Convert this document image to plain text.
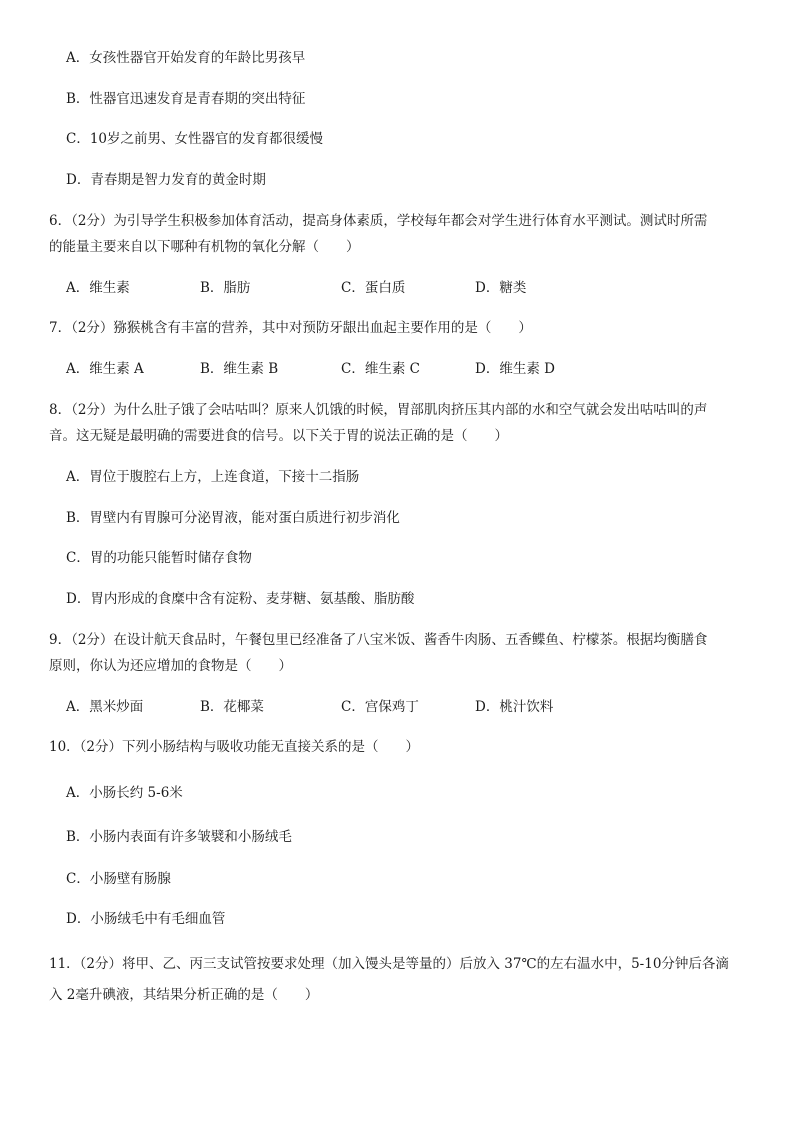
A．女孩性器官开始发育的年龄比男孩早
B．性器官迅速发育是青春期的突出特征
C．10岁之前男、女性器官的发育都很缓慢
D．青春期是智力发育的黄金时期
6．（2分）为引导学生积极参加体育活动，提高身体素质，学校每年都会对学生进行体育水平测试。测试时所需
的能量主要来自以下哪种有机物的氧化分解（　　）
A．维生素	B．脂肪	C．蛋白质	D．糖类
7．（2分）猕猴桃含有丰富的营养，其中对预防牙龈出血起主要作用的是（　　）
A．维生素 A	B．维生素 B	C．维生素 C	D．维生素 D
8．（2分）为什么肚子饿了会咕咕叫？原来人饥饿的时候，胃部肌肉挤压其内部的水和空气就会发出咕咕叫的声
音。这无疑是最明确的需要进食的信号。以下关于胃的说法正确的是（　　）
A．胃位于腹腔右上方，上连食道，下接十二指肠
B．胃壁内有胃腺可分泌胃液，能对蛋白质进行初步消化
C．胃的功能只能暂时储存食物
D．胃内形成的食糜中含有淀粉、麦芽糖、氨基酸、脂肪酸
9．（2分）在设计航天食品时，午餐包里已经准备了八宝米饭、酱香牛肉肠、五香鲽鱼、柠檬茶。根据均衡膳食
原则，你认为还应增加的食物是（　　）
A．黑米炒面	B．花椰菜	C．宫保鸡丁	D．桃汁饮料
10．（2分）下列小肠结构与吸收功能无直接关系的是（　　）
A．小肠长约 5-6米
B．小肠内表面有许多皱襞和小肠绒毛
C．小肠壁有肠腺
D．小肠绒毛中有毛细血管
11．（2分）将甲、乙、丙三支试管按要求处理（加入馒头是等量的）后放入 37℃的左右温水中，5-10分钟后各滴
入 2毫升碘液，其结果分析正确的是（　　）
